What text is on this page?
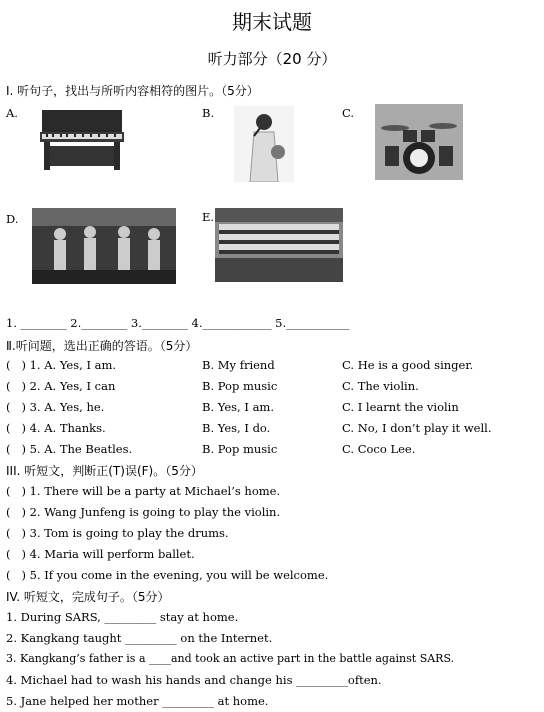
期末试题
听力部分（20 分）
I. 听句子，找出与所听内容相符的图片。（5分）
A.	B.	C.
D.	E.
1. ________ 2.________ 3.________ 4.____________ 5.___________
Ⅱ.听问题，选出正确的答语。（5分）
(   ) 1. A. Yes, I am.	B. My friend	C. He is a good singer.
(   ) 2. A. Yes, I can	B. Pop music	C. The violin.
(   ) 3. A. Yes, he.	B. Yes, I am.	C. I learnt the violin
(   ) 4. A. Thanks.	B. Yes, I do.	C. No, I don’t play it well.
(   ) 5. A. The Beatles.	B. Pop music	C. Coco Lee.
III. 听短文，判断正(T)误(F)。（5分）
(   ) 1. There will be a party at Michael’s home.
(   ) 2. Wang Junfeng is going to play the violin.
(   ) 3. Tom is going to play the drums.
(   ) 4. Maria will perform ballet.
(   ) 5. If you come in the evening, you will be welcome.
IV. 听短文，完成句子。（5分）
1. During SARS, _________ stay at home.
2. Kangkang taught _________ on the Internet.
3. Kangkang’s father is a ____and took an active part in the battle against SARS.
4. Michael had to wash his hands and change his _________often.
5. Jane helped her mother _________ at home.
